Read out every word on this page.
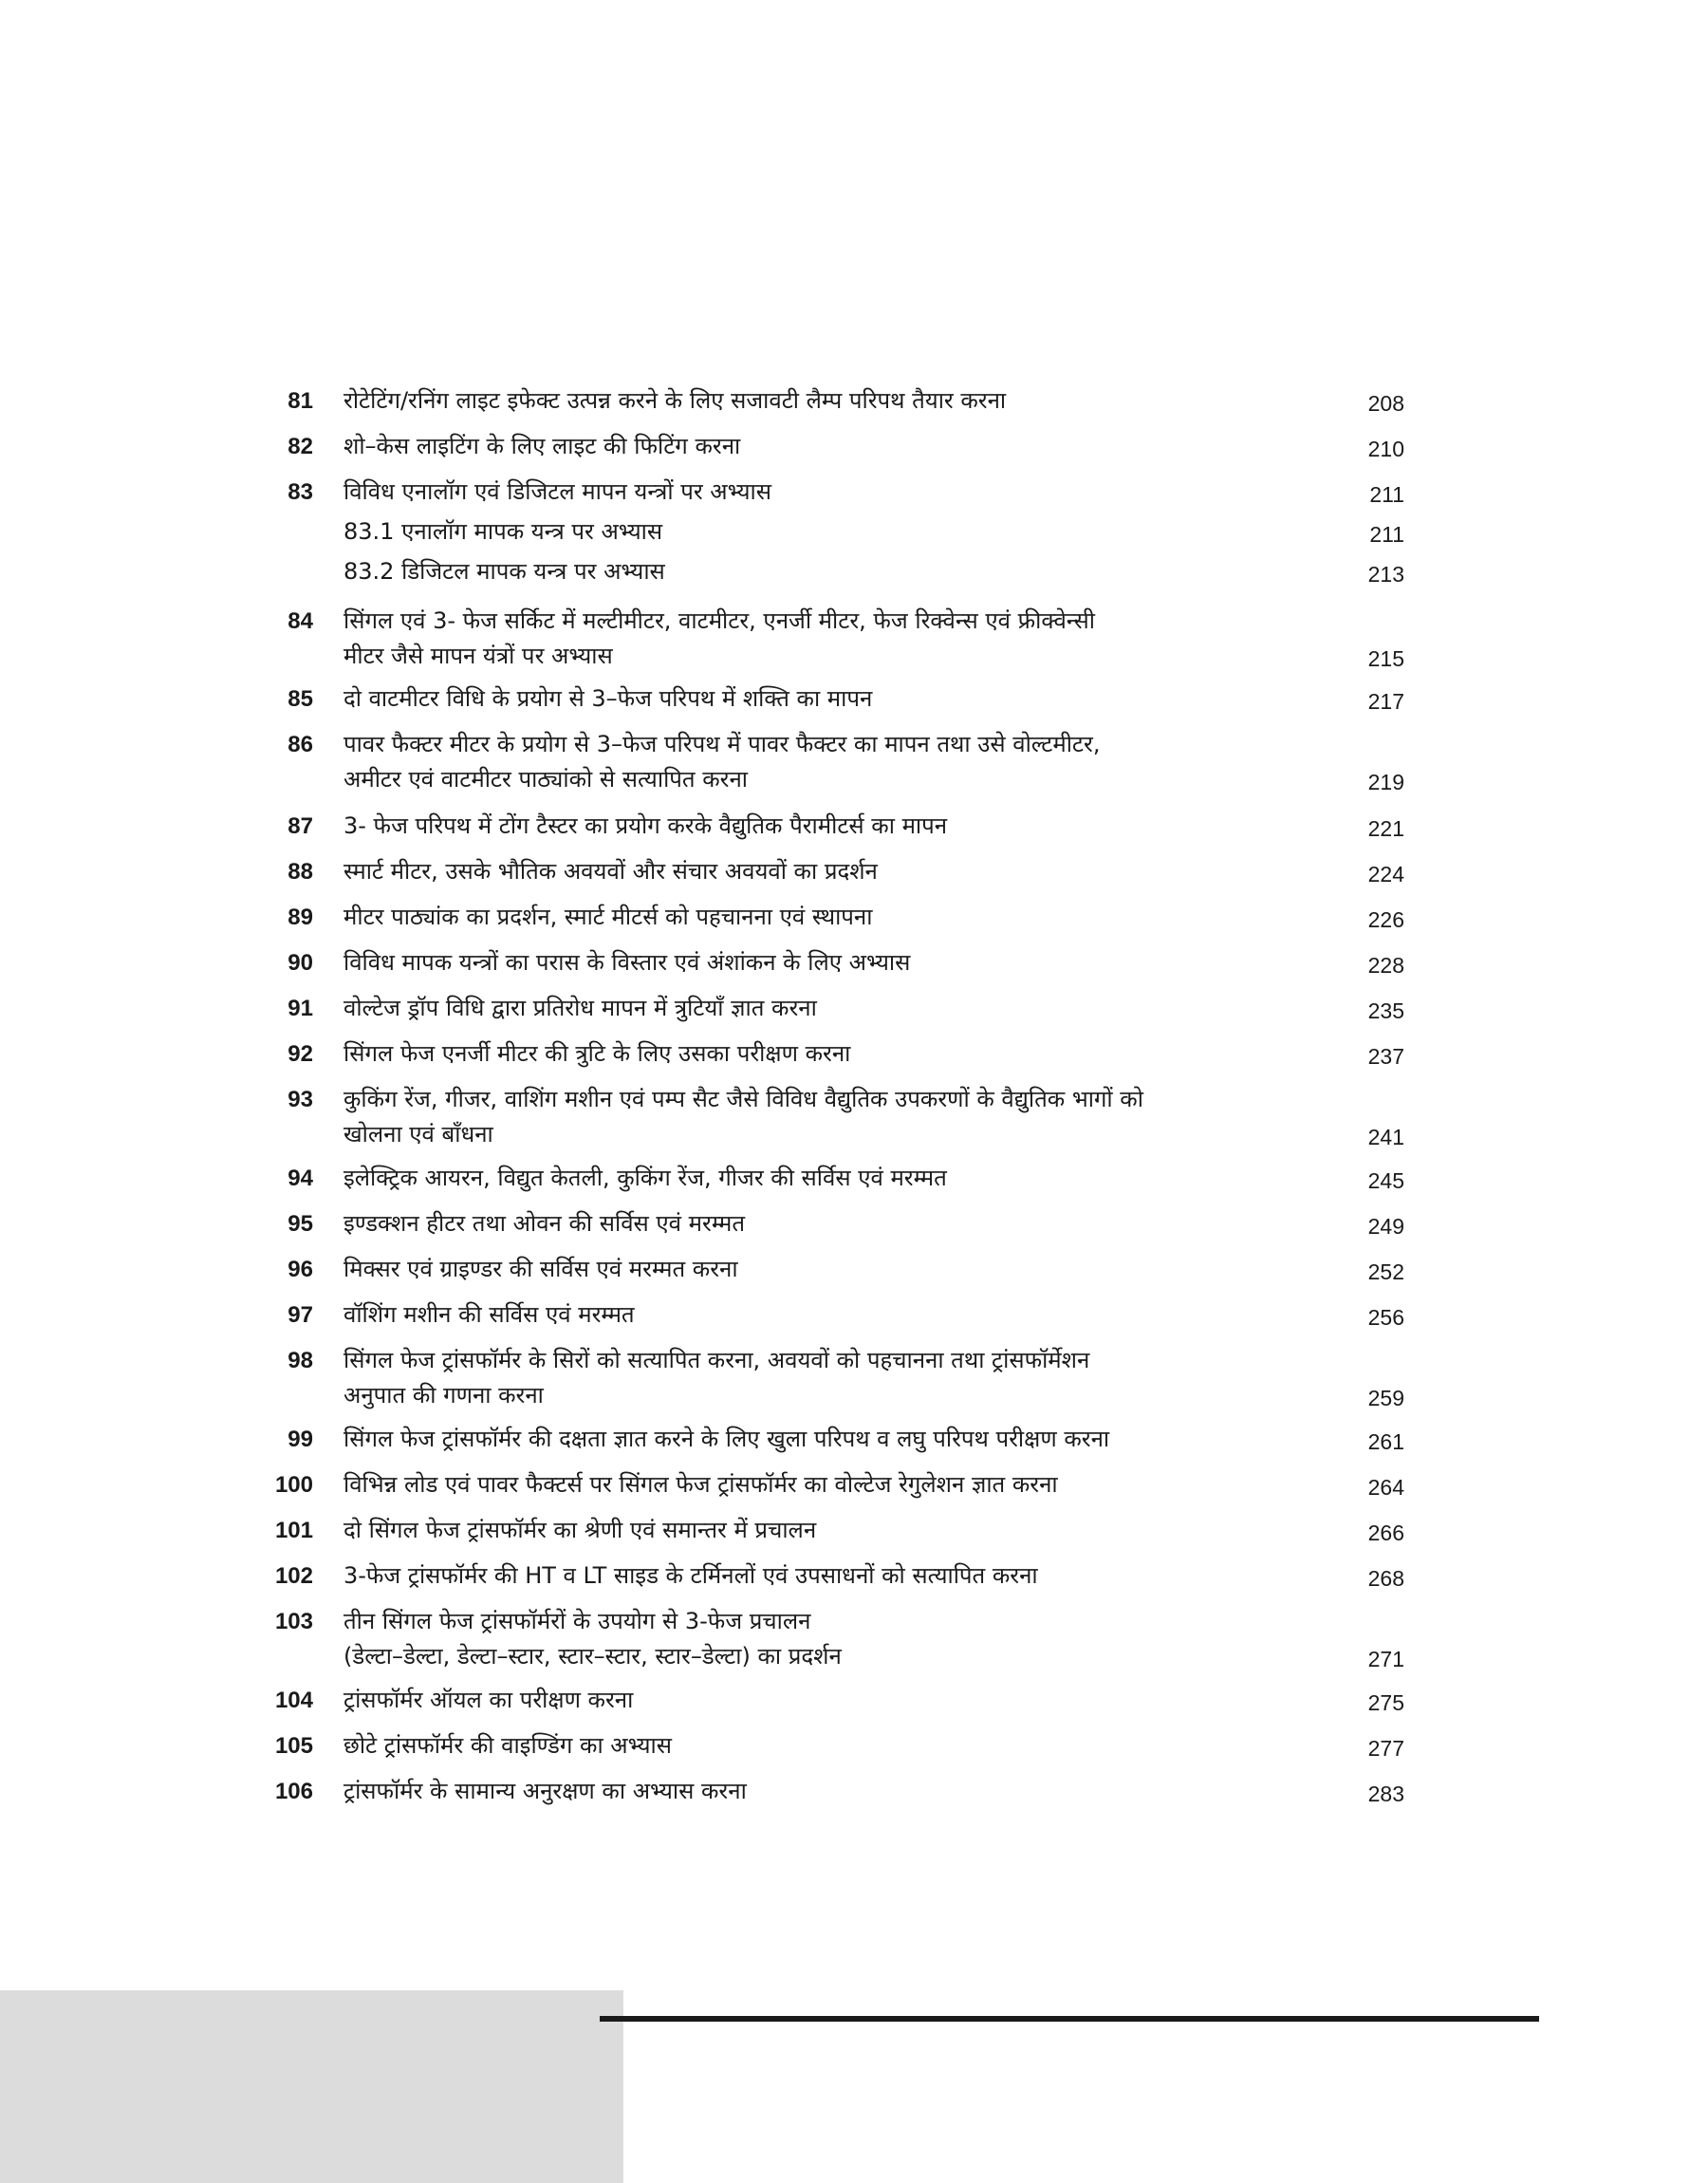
81 रोटेटिंग/रनिंग लाइट इफेक्ट उत्पन्न करने के लिए सजावटी लैम्प परिपथ तैयार करना	208
82 शो–केस लाइटिंग के लिए लाइट की फिटिंग करना	210
83 विविध एनालॉग एवं डिजिटल मापन यन्त्रों पर अभ्यास	211
83.1 एनालॉग मापक यन्त्र पर अभ्यास	211
83.2 डिजिटल मापक यन्त्र पर अभ्यास	213
84 सिंगल एवं 3- फेज सर्किट में मल्टीमीटर, वाटमीटर, एनर्जी मीटर, फेज रिक्वेन्स एवं फ्रीक्वेन्सी
मीटर जैसे मापन यंत्रों पर अभ्यास	215
85 दो वाटमीटर विधि के प्रयोग से 3–फेज परिपथ में शक्ति का मापन	217
86 पावर फैक्टर मीटर के प्रयोग से 3–फेज परिपथ में पावर फैक्टर का मापन तथा उसे वोल्टमीटर,
अमीटर एवं वाटमीटर पाठ्यांको से सत्यापित करना	219
87 3- फेज परिपथ में टोंग टैस्टर का प्रयोग करके वैद्युतिक पैरामीटर्स का मापन	221
88 स्मार्ट मीटर, उसके भौतिक अवयवों और संचार अवयवों का प्रदर्शन	224
89 मीटर पाठ्यांक का प्रदर्शन, स्मार्ट मीटर्स को पहचानना एवं स्थापना	226
90 विविध मापक यन्त्रों का परास के विस्तार एवं अंशांकन के लिए अभ्यास	228
91 वोल्टेज ड्रॉप विधि द्वारा प्रतिरोध मापन में त्रुटियाँ ज्ञात करना	235
92 सिंगल फेज एनर्जी मीटर की त्रुटि के लिए उसका परीक्षण करना	237
93 कुकिंग रेंज, गीजर, वाशिंग मशीन एवं पम्प सैट जैसे विविध वैद्युतिक उपकरणों के वैद्युतिक भागों को
खोलना एवं बाँधना	241
94 इलेक्ट्रिक आयरन, विद्युत केतली, कुकिंग रेंज, गीजर की सर्विस एवं मरम्मत	245
95 इण्डक्शन हीटर तथा ओवन की सर्विस एवं मरम्मत	249
96 मिक्सर एवं ग्राइण्डर की सर्विस एवं मरम्मत करना	252
97 वॉशिंग मशीन की सर्विस एवं मरम्मत	256
98 सिंगल फेज ट्रांसफॉर्मर के सिरों को सत्यापित करना, अवयवों को पहचानना तथा ट्रांसफॉर्मेशन
अनुपात की गणना करना	259
99 सिंगल फेज ट्रांसफॉर्मर की दक्षता ज्ञात करने के लिए खुला परिपथ व लघु परिपथ परीक्षण करना	261
100 विभिन्न लोड एवं पावर फैक्टर्स पर सिंगल फेज ट्रांसफॉर्मर का वोल्टेज रेगुलेशन ज्ञात करना	264
101 दो सिंगल फेज ट्रांसफॉर्मर का श्रेणी एवं समान्तर में प्रचालन	266
102 3-फेज ट्रांसफॉर्मर की HT व LT साइड के टर्मिनलों एवं उपसाधनों को सत्यापित करना	268
103 तीन सिंगल फेज ट्रांसफॉर्मरों के उपयोग से 3-फेज प्रचालन
(डेल्टा–डेल्टा, डेल्टा–स्टार, स्टार–स्टार, स्टार–डेल्टा) का प्रदर्शन	271
104 ट्रांसफॉर्मर ऑयल का परीक्षण करना	275
105 छोटे ट्रांसफॉर्मर की वाइण्डिंग का अभ्यास	277
106 ट्रांसफॉर्मर के सामान्य अनुरक्षण का अभ्यास करना	283
